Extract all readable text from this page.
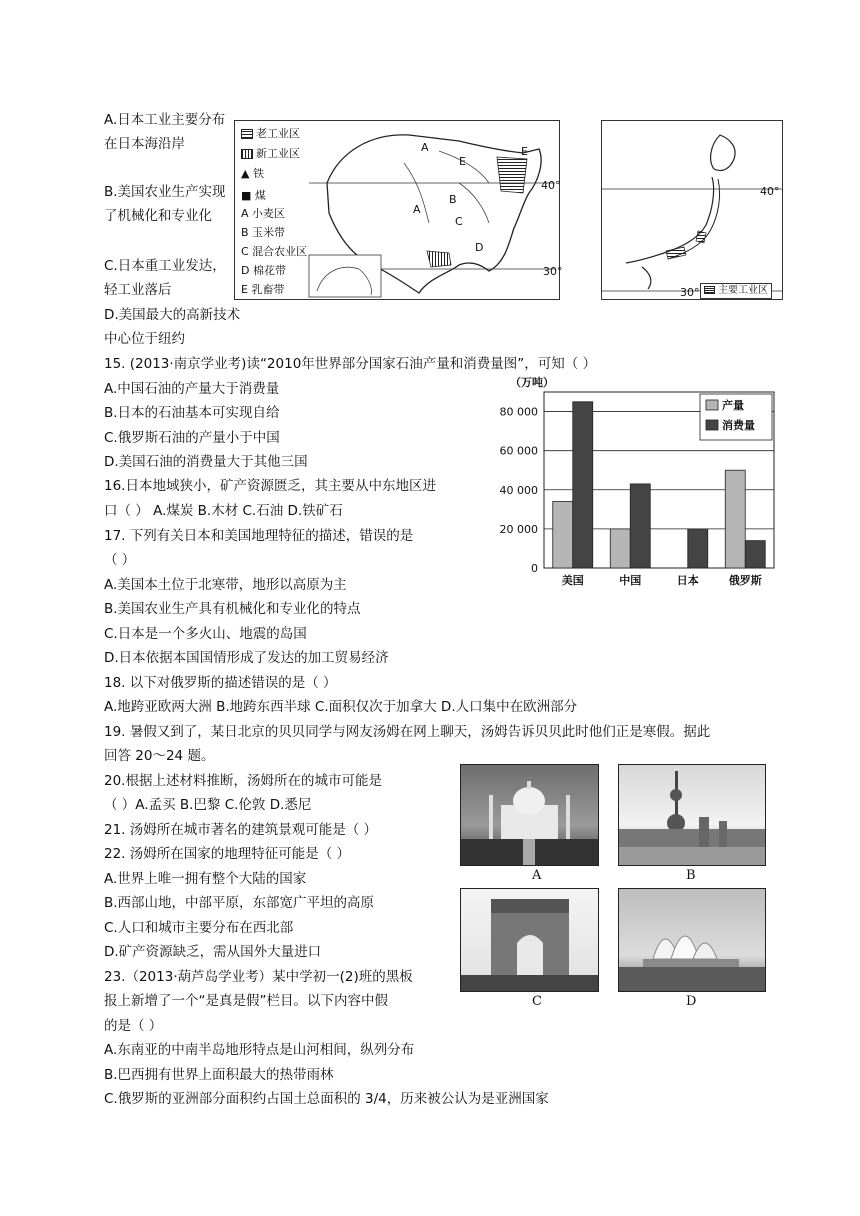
A.日本工业主要分布在日本海沿岸
B.美国农业生产实现了机械化和专业化
C.日本重工业发达，轻工业落后
D.美国最大的高新技术中心位于纽约
老工业区
新工业区
▲ 铁
■ 煤
A 小麦区
B 玉米带
C 混合农业区
D 棉花带
E 乳畜带
A
E
E
B
A
C
D
40°
30°
40°
30°	主要工业区
15. (2013·南京学业考)读“2010年世界部分国家石油产量和消费量图”，可知（ ）
A.中国石油的产量大于消费量
B.日本的石油基本可实现自给
C.俄罗斯石油的产量小于中国
D.美国石油的消费量大于其他三国
（万吨）
80 000
60 000
40 000
20 000
0
美国	中国	日本	俄罗斯
产量
消费量
16.日本地域狭小，矿产资源匮乏，其主要从中东地区进
口（ ） A.煤炭 B.木材 C.石油 D.铁矿石
17. 下列有关日本和美国地理特征的描述，错误的是
（ ）
A.美国本土位于北寒带，地形以高原为主
B.美国农业生产具有机械化和专业化的特点
C.日本是一个多火山、地震的岛国
D.日本依据本国国情形成了发达的加工贸易经济
18. 以下对俄罗斯的描述错误的是（ ）
A.地跨亚欧两大洲 B.地跨东西半球 C.面积仅次于加拿大 D.人口集中在欧洲部分
19. 暑假又到了，某日北京的贝贝同学与网友汤姆在网上聊天，汤姆告诉贝贝此时他们正是寒假。据此
回答 20～24 题。
20.根据上述材料推断，汤姆所在的城市可能是
（ ）A.孟买 B.巴黎 C.伦敦 D.悉尼
21. 汤姆所在城市著名的建筑景观可能是（ ）
22. 汤姆所在国家的地理特征可能是（ ）
A.世界上唯一拥有整个大陆的国家
B.西部山地，中部平原，东部宽广平坦的高原
C.人口和城市主要分布在西北部
D.矿产资源缺乏，需从国外大量进口
23.（2013·葫芦岛学业考）某中学初一(2)班的黑板
报上新增了一个“是真是假”栏目。以下内容中假
的是（ ）
A.东南亚的中南半岛地形特点是山河相间，纵列分布
B.巴西拥有世界上面积最大的热带雨林
C.俄罗斯的亚洲部分面积约占国土总面积的 3/4，历来被公认为是亚洲国家
A	B
C	D
